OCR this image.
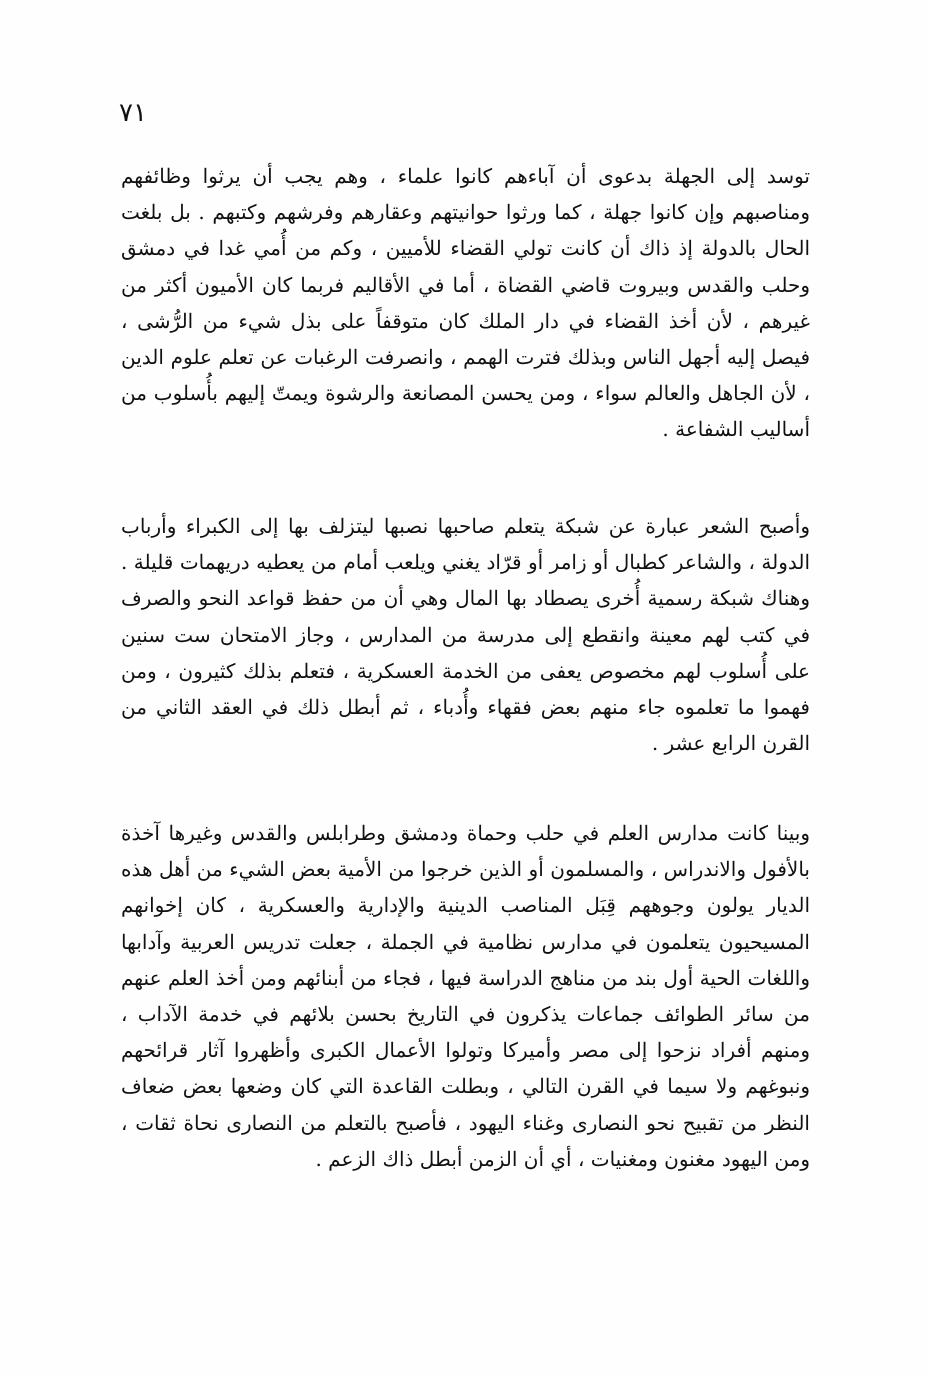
٧١

توسد إلى الجهلة بدعوى أن آباءهم كانوا علماء ، وهم يجب أن يرثوا وظائفهم ومناصبهم وإن كانوا جهلة ، كما ورثوا حوانيتهم وعقارهم وفرشهم وكتبهم . بل بلغت الحال بالدولة إذ ذاك أن كانت تولي القضاء للأميين ، وكم من أُمي غدا في دمشق وحلب والقدس وبيروت قاضي القضاة ، أما في الأقاليم فربما كان الأميون أكثر من غيرهم ، لأن أخذ القضاء في دار الملك كان متوقفاً على بذل شيء من الرُّشى ، فيصل إليه أجهل الناس وبذلك فترت الهمم ، وانصرفت الرغبات عن تعلم علوم الدين ، لأن الجاهل والعالم سواء ، ومن يحسن المصانعة والرشوة ويمتّ إليهم بأُسلوب من أساليب الشفاعة .

وأصبح الشعر عبارة عن شبكة يتعلم صاحبها نصبها ليتزلف بها إلى الكبراء وأرباب الدولة ، والشاعر كطبال أو زامر أو قرّاد يغني ويلعب أمام من يعطيه دريهمات قليلة . وهناك شبكة رسمية أُخرى يصطاد بها المال وهي أن من حفظ قواعد النحو والصرف في كتب لهم معينة وانقطع إلى مدرسة من المدارس ، وجاز الامتحان ست سنين على أُسلوب لهم مخصوص يعفى من الخدمة العسكرية ، فتعلم بذلك كثيرون ، ومن فهموا ما تعلموه جاء منهم بعض فقهاء وأُدباء ، ثم أبطل ذلك في العقد الثاني من القرن الرابع عشر .

وبينا كانت مدارس العلم في حلب وحماة ودمشق وطرابلس والقدس وغيرها آخذة بالأفول والاندراس ، والمسلمون أو الذين خرجوا من الأمية بعض الشيء من أهل هذه الديار يولون وجوههم قِبَل المناصب الدينية والإدارية والعسكرية ، كان إخوانهم المسيحيون يتعلمون في مدارس نظامية في الجملة ، جعلت تدريس العربية وآدابها واللغات الحية أول بند من مناهج الدراسة فيها ، فجاء من أبنائهم ومن أخذ العلم عنهم من سائر الطوائف جماعات يذكرون في التاريخ بحسن بلائهم في خدمة الآداب ، ومنهم أفراد نزحوا إلى مصر وأميركا وتولوا الأعمال الكبرى وأظهروا آثار قرائحهم ونبوغهم ولا سيما في القرن التالي ، وبطلت القاعدة التي كان وضعها بعض ضعاف النظر من تقبيح نحو النصارى وغناء اليهود ، فأصبح بالتعلم من النصارى نحاة ثقات ، ومن اليهود مغنون ومغنيات ، أي أن الزمن أبطل ذاك الزعم .
